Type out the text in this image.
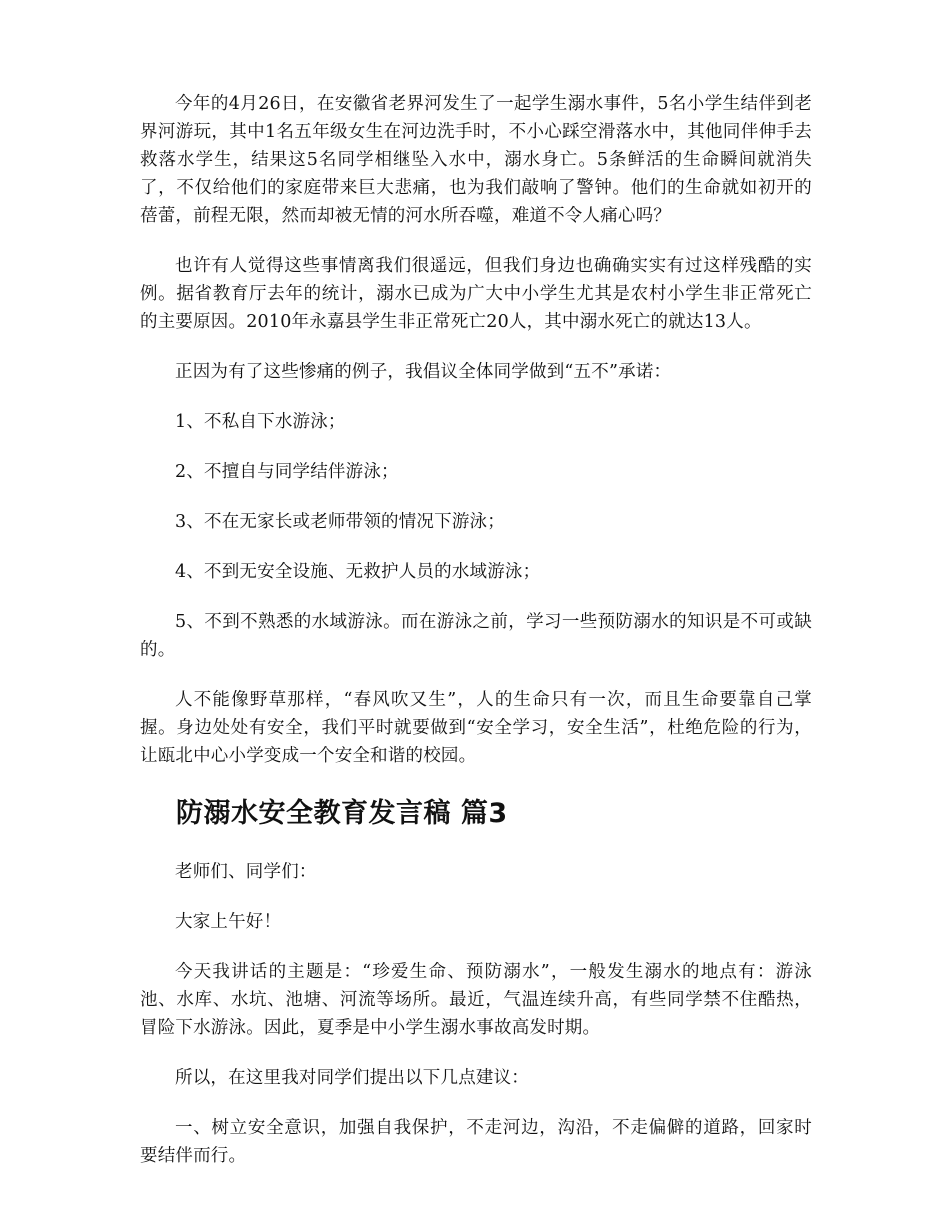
今年的4月26日，在安徽省老界河发生了一起学生溺水事件，5名小学生结伴到老界河游玩，其中1名五年级女生在河边洗手时，不小心踩空滑落水中，其他同伴伸手去救落水学生，结果这5名同学相继坠入水中，溺水身亡。5条鲜活的生命瞬间就消失了，不仅给他们的家庭带来巨大悲痛，也为我们敲响了警钟。他们的生命就如初开的蓓蕾，前程无限，然而却被无情的河水所吞噬，难道不令人痛心吗？

也许有人觉得这些事情离我们很遥远，但我们身边也确确实实有过这样残酷的实例。据省教育厅去年的统计，溺水已成为广大中小学生尤其是农村小学生非正常死亡的主要原因。2010年永嘉县学生非正常死亡20人，其中溺水死亡的就达13人。

正因为有了这些惨痛的例子，我倡议全体同学做到“五不”承诺：

1、不私自下水游泳；

2、不擅自与同学结伴游泳；

3、不在无家长或老师带领的情况下游泳；

4、不到无安全设施、无救护人员的水域游泳；

5、不到不熟悉的水域游泳。而在游泳之前，学习一些预防溺水的知识是不可或缺的。

人不能像野草那样，“春风吹又生”，人的生命只有一次，而且生命要靠自己掌握。身边处处有安全，我们平时就要做到“安全学习，安全生活”，杜绝危险的行为，让瓯北中心小学变成一个安全和谐的校园。

防溺水安全教育发言稿 篇3

老师们、同学们：

大家上午好！

今天我讲话的主题是：“珍爱生命、预防溺水”，一般发生溺水的地点有：游泳池、水库、水坑、池塘、河流等场所。最近，气温连续升高，有些同学禁不住酷热，冒险下水游泳。因此，夏季是中小学生溺水事故高发时期。

所以，在这里我对同学们提出以下几点建议：

一、树立安全意识，加强自我保护，不走河边，沟沿，不走偏僻的道路，回家时要结伴而行。
